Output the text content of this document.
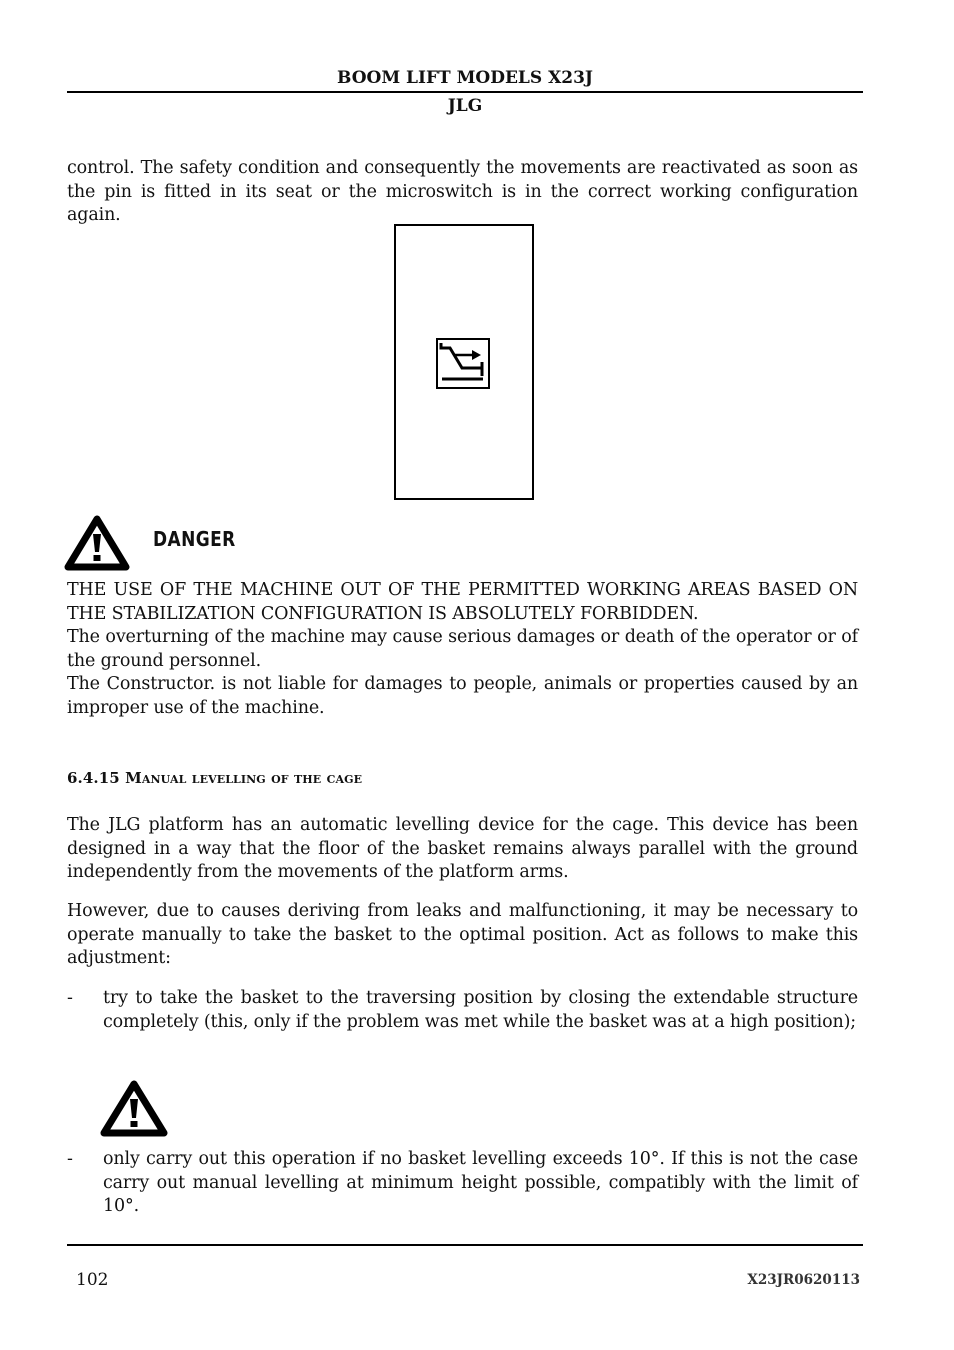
BOOM LIFT MODELS X23J
JLG
control. The safety condition and consequently the movements are reactivated as soon as the pin is fitted in its seat or the microswitch is in the correct working configuration again.
DANGER
THE USE OF THE MACHINE OUT OF THE PERMITTED WORKING AREAS BASED ON THE STABILIZATION CONFIGURATION IS ABSOLUTELY FORBIDDEN.
The overturning of the machine may cause serious damages or death of the operator or of the ground personnel.
The Constructor. is not liable for damages to people, animals or properties caused by an improper use of the machine.
6.4.15 Manual levelling of the cage
The JLG platform has an automatic levelling device for the cage. This device has been designed in a way that the floor of the basket remains always parallel with the ground independently from the movements of the platform arms.
However, due to causes deriving from leaks and malfunctioning, it may be necessary to operate manually to take the basket to the optimal position. Act as follows to make this adjustment:
- try to take the basket to the traversing position by closing the extendable structure completely (this, only if the problem was met while the basket was at a high position);
- only carry out this operation if no basket levelling exceeds 10°. If this is not the case carry out manual levelling at minimum height possible, compatibly with the limit of 10°.
102	X23JR0620113
